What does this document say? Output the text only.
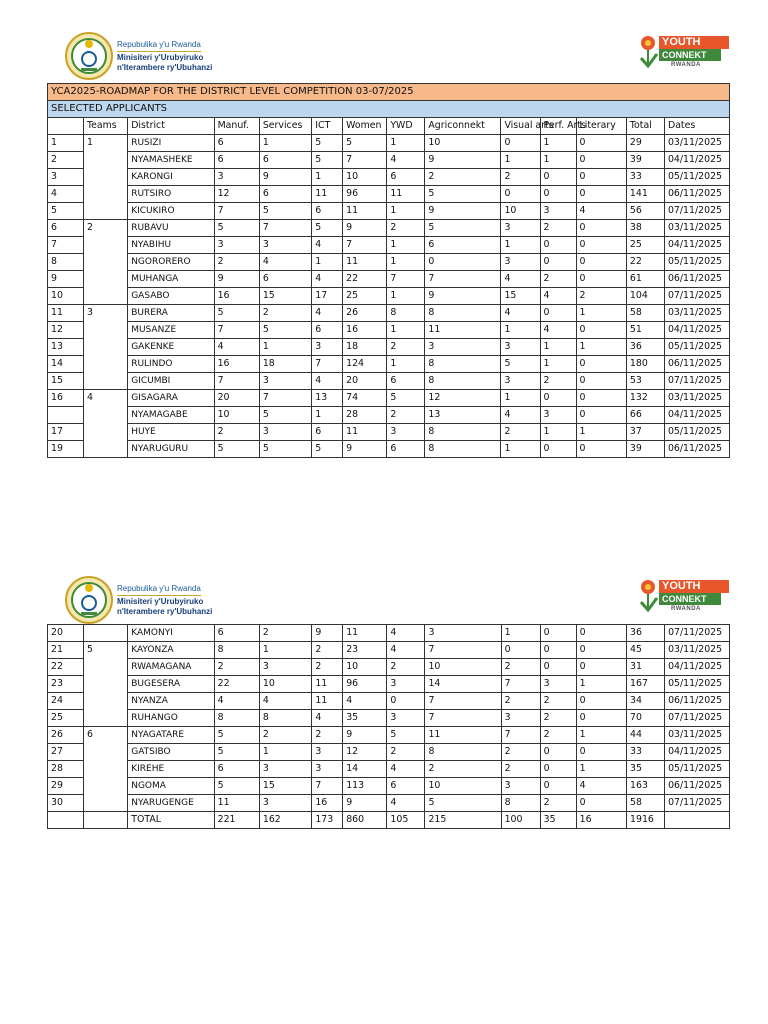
Repubulika y'u Rwanda
Minisiteri y'Urubyiruko
n'Iterambere ry'Ubuhanzi
YOUTH
CONNEKT
RWANDA
YCA2025-ROADMAP FOR THE DISTRICT LEVEL COMPETITION 03-07/2025													
SELECTED APPLICANTS													
	Teams	District	Manuf.	Services	ICT	Women	YWD	Agriconnekt	Visual arts	Perf. Arts	Literary	Total	Dates
1	1	RUSIZI	6	1	5	5	1	10	0	1	0	29	03/11/2025
2		NYAMASHEKE	6	6	5	7	4	9	1	1	0	39	04/11/2025
3		KARONGI	3	9	1	10	6	2	2	0	0	33	05/11/2025
4		RUTSIRO	12	6	11	96	11	5	0	0	0	141	06/11/2025
5		KICUKIRO	7	5	6	11	1	9	10	3	4	56	07/11/2025
6	2	RUBAVU	5	7	5	9	2	5	3	2	0	38	03/11/2025
7		NYABIHU	3	3	4	7	1	6	1	0	0	25	04/11/2025
8		NGORORERO	2	4	1	11	1	0	3	0	0	22	05/11/2025
9		MUHANGA	9	6	4	22	7	7	4	2	0	61	06/11/2025
10		GASABO	16	15	17	25	1	9	15	4	2	104	07/11/2025
11	3	BURERA	5	2	4	26	8	8	4	0	1	58	03/11/2025
12		MUSANZE	7	5	6	16	1	11	1	4	0	51	04/11/2025
13		GAKENKE	4	1	3	18	2	3	3	1	1	36	05/11/2025
14		RULINDO	16	18	7	124	1	8	5	1	0	180	06/11/2025
15		GICUMBI	7	3	4	20	6	8	3	2	0	53	07/11/2025
16	4	GISAGARA	20	7	13	74	5	12	1	0	0	132	03/11/2025
		NYAMAGABE	10	5	1	28	2	13	4	3	0	66	04/11/2025
17		HUYE	2	3	6	11	3	8	2	1	1	37	05/11/2025
19		NYARUGURU	5	5	5	9	6	8	1	0	0	39	06/11/2025
Repubulika y'u Rwanda
Minisiteri y'Urubyiruko
n'Iterambere ry'Ubuhanzi
YOUTH
CONNEKT
RWANDA
20		KAMONYI	6	2	9	11	4	3	1	0	0	36	07/11/2025
21	5	KAYONZA	8	1	2	23	4	7	0	0	0	45	03/11/2025
22		RWAMAGANA	2	3	2	10	2	10	2	0	0	31	04/11/2025
23		BUGESERA	22	10	11	96	3	14	7	3	1	167	05/11/2025
24		NYANZA	4	4	11	4	0	7	2	2	0	34	06/11/2025
25		RUHANGO	8	8	4	35	3	7	3	2	0	70	07/11/2025
26	6	NYAGATARE	5	2	2	9	5	11	7	2	1	44	03/11/2025
27		GATSIBO	5	1	3	12	2	8	2	0	0	33	04/11/2025
28		KIREHE	6	3	3	14	4	2	2	0	1	35	05/11/2025
29		NGOMA	5	15	7	113	6	10	3	0	4	163	06/11/2025
30		NYARUGENGE	11	3	16	9	4	5	8	2	0	58	07/11/2025
		TOTAL	221	162	173	860	105	215	100	35	16	1916	
